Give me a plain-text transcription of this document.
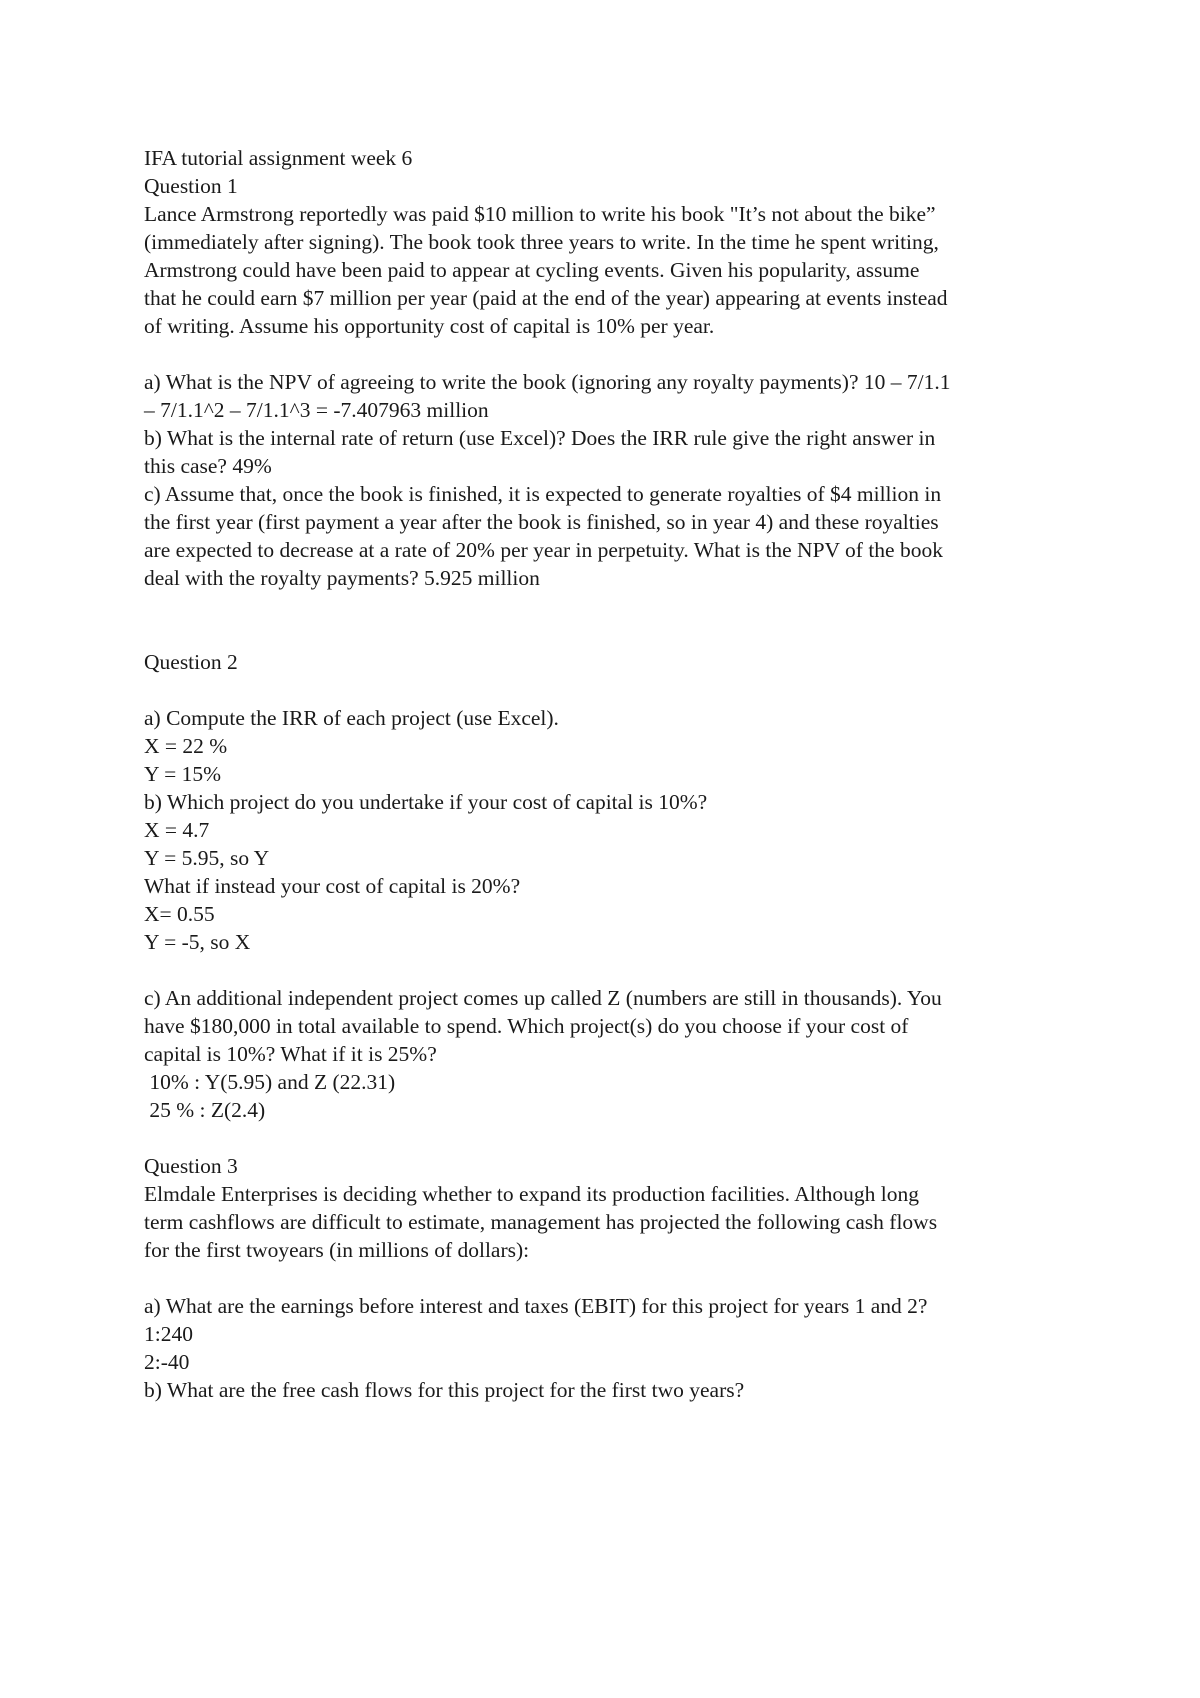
IFA tutorial assignment week 6
Question 1
Lance Armstrong reportedly was paid $10 million to write his book "It’s not about the bike”
(immediately after signing). The book took three years to write. In the time he spent writing,
Armstrong could have been paid to appear at cycling events. Given his popularity, assume
that he could earn $7 million per year (paid at the end of the year) appearing at events instead
of writing. Assume his opportunity cost of capital is 10% per year.
a) What is the NPV of agreeing to write the book (ignoring any royalty payments)? 10 – 7/1.1
– 7/1.1^2 – 7/1.1^3 = -7.407963 million
b) What is the internal rate of return (use Excel)? Does the IRR rule give the right answer in
this case? 49%
c) Assume that, once the book is finished, it is expected to generate royalties of $4 million in
the first year (first payment a year after the book is finished, so in year 4) and these royalties
are expected to decrease at a rate of 20% per year in perpetuity. What is the NPV of the book
deal with the royalty payments? 5.925 million
Question 2
a) Compute the IRR of each project (use Excel).
X = 22 %
Y = 15%
b) Which project do you undertake if your cost of capital is 10%?
X = 4.7
Y = 5.95, so Y
What if instead your cost of capital is 20%?
X= 0.55
Y = -5, so X
c) An additional independent project comes up called Z (numbers are still in thousands). You
have $180,000 in total available to spend. Which project(s) do you choose if your cost of
capital is 10%? What if it is 25%?
10% : Y(5.95) and Z (22.31)
25 % : Z(2.4)
Question 3
Elmdale Enterprises is deciding whether to expand its production facilities. Although long
term cashflows are difficult to estimate, management has projected the following cash flows
for the first twoyears (in millions of dollars):
a) What are the earnings before interest and taxes (EBIT) for this project for years 1 and 2?
1:240
2:-40
b) What are the free cash flows for this project for the first two years?
